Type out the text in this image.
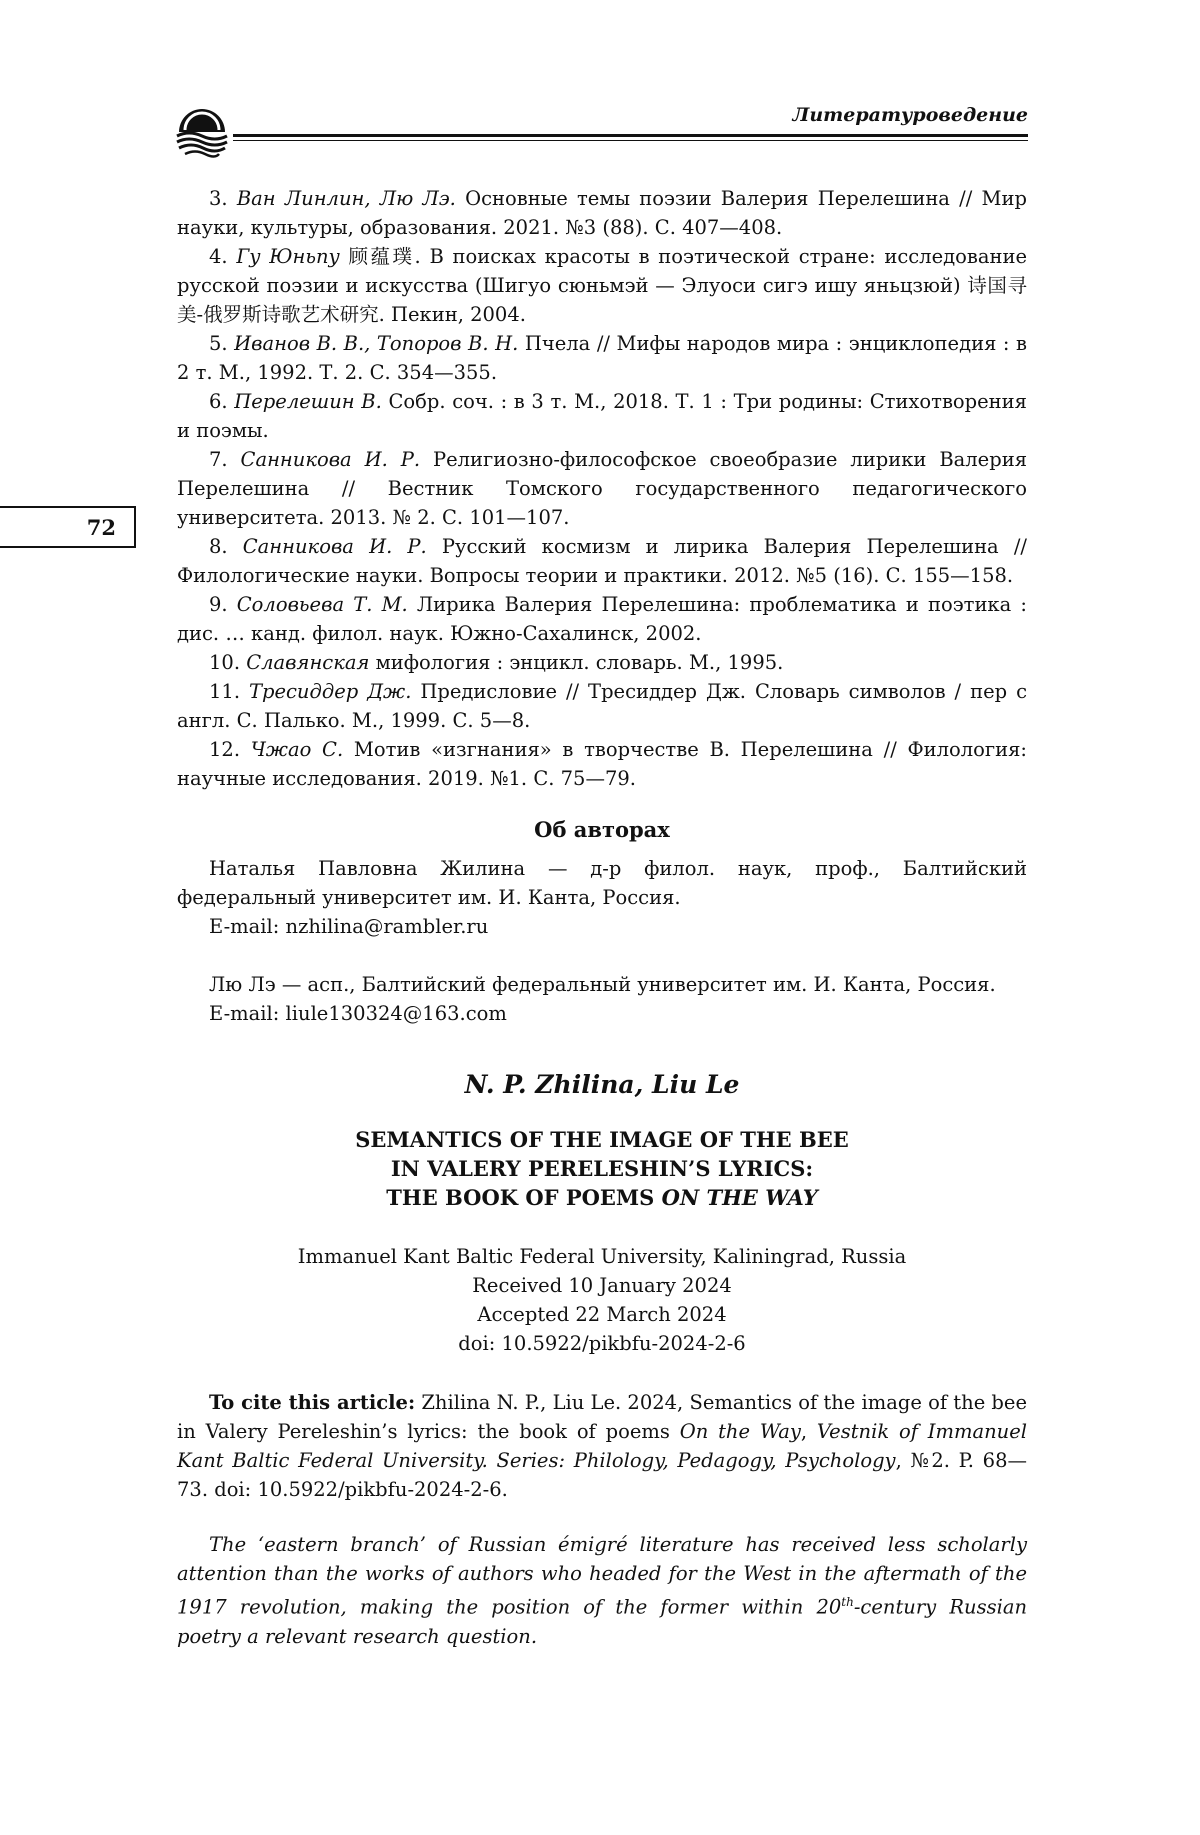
Литературоведение
72

3. Ван Линлин, Лю Лэ. Основные темы поэзии Валерия Перелешина // Мир науки, культуры, образования. 2021. №3 (88). С. 407—408.

4. Гу Юньпу 顾蕴璞. В поисках красоты в поэтической стране: исследование русской поэзии и искусства (Шигуо сюньмэй — Элуоси сигэ ишу яньцзюй) 诗国寻美-俄罗斯诗歌艺术研究. Пекин, 2004.

5. Иванов В. В., Топоров В. Н. Пчела // Мифы народов мира : энциклопедия : в 2 т. М., 1992. Т. 2. С. 354—355.

6. Перелешин В. Собр. соч. : в 3 т. М., 2018. Т. 1 : Три родины: Стихотворения и поэмы.

7. Санникова И. Р. Религиозно-философское своеобразие лирики Валерия Перелешина // Вестник Томского государственного педагогического университета. 2013. № 2. С. 101—107.

8. Санникова И. Р. Русский космизм и лирика Валерия Перелешина // Филологические науки. Вопросы теории и практики. 2012. №5 (16). С. 155—158.

9. Соловьева Т. М. Лирика Валерия Перелешина: проблематика и поэтика : дис. … канд. филол. наук. Южно-Сахалинск, 2002.

10. Славянская мифология : энцикл. словарь. М., 1995.

11. Тресиддер Дж. Предисловие // Тресиддер Дж. Словарь символов / пер с англ. С. Палько. М., 1999. С. 5—8.

12. Чжао С. Мотив «изгнания» в творчестве В. Перелешина // Филология: научные исследования. 2019. №1. С. 75—79.

Об авторах

Наталья Павловна Жилина — д-р филол. наук, проф., Балтийский федеральный университет им. И. Канта, Россия.

E-mail: nzhilina@rambler.ru

Лю Лэ — асп., Балтийский федеральный университет им. И. Канта, Россия.

E-mail: liule130324@163.com

N. P. Zhilina, Liu Le
SEMANTICS OF THE IMAGE OF THE BEE
IN VALERY PERELESHIN’S LYRICS:
THE BOOK OF POEMS ON THE WAY
Immanuel Kant Baltic Federal University, Kaliningrad, Russia
Received 10 January 2024
Accepted 22 March 2024
doi: 10.5922/pikbfu-2024-2-6

To cite this article: Zhilina N. P., Liu Le. 2024, Semantics of the image of the bee in Valery Pereleshin’s lyrics: the book of poems On the Way, Vestnik of Immanuel Kant Baltic Federal University. Series: Philology, Pedagogy, Psychology, №2. P. 68—73. doi: 10.5922/pikbfu-2024-2-6.

The ‘eastern branch’ of Russian émigré literature has received less scholarly attention than the works of authors who headed for the West in the aftermath of the 1917 revolution, making the position of the former within 20th-century Russian poetry a relevant research question.
